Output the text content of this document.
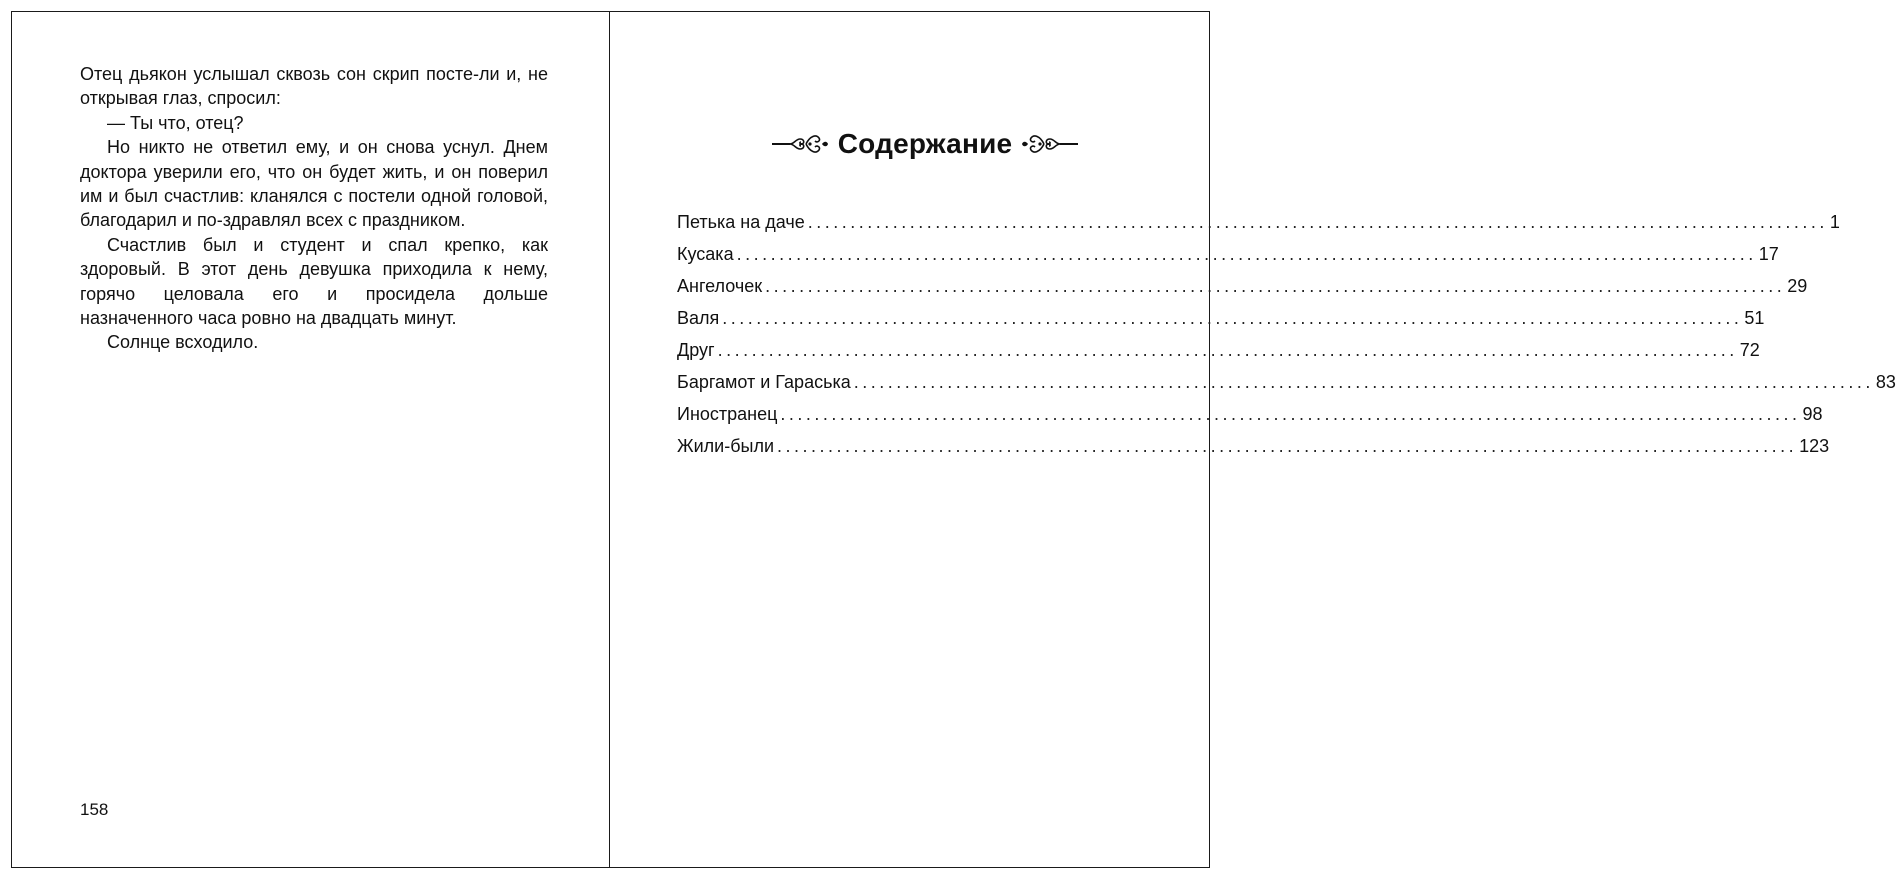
Отец дьякон услышал сквозь сон скрип посте-ли и, не открывая глаз, спросил:

— Ты что, отец?

Но никто не ответил ему, и он снова уснул. Днем доктора уверили его, что он будет жить, и он поверил им и был счастлив: кланялся с постели одной головой, благодарил и по-здравлял всех с праздником.

Счастлив был и студент и спал крепко, как здоровый. В этот день девушка приходила к нему, горячо целовала его и просидела дольше назначенного часа ровно на двадцать минут.

Солнце всходило.

158
Содержание
Петька на даче ........................................................................................................................ 1
Кусака ........................................................................................................................ 17
Ангелочек ........................................................................................................................ 29
Валя ........................................................................................................................ 51
Друг ........................................................................................................................ 72
Баргамот и Гараська ........................................................................................................................ 83
Иностранец ........................................................................................................................ 98
Жили-были ........................................................................................................................ 123
